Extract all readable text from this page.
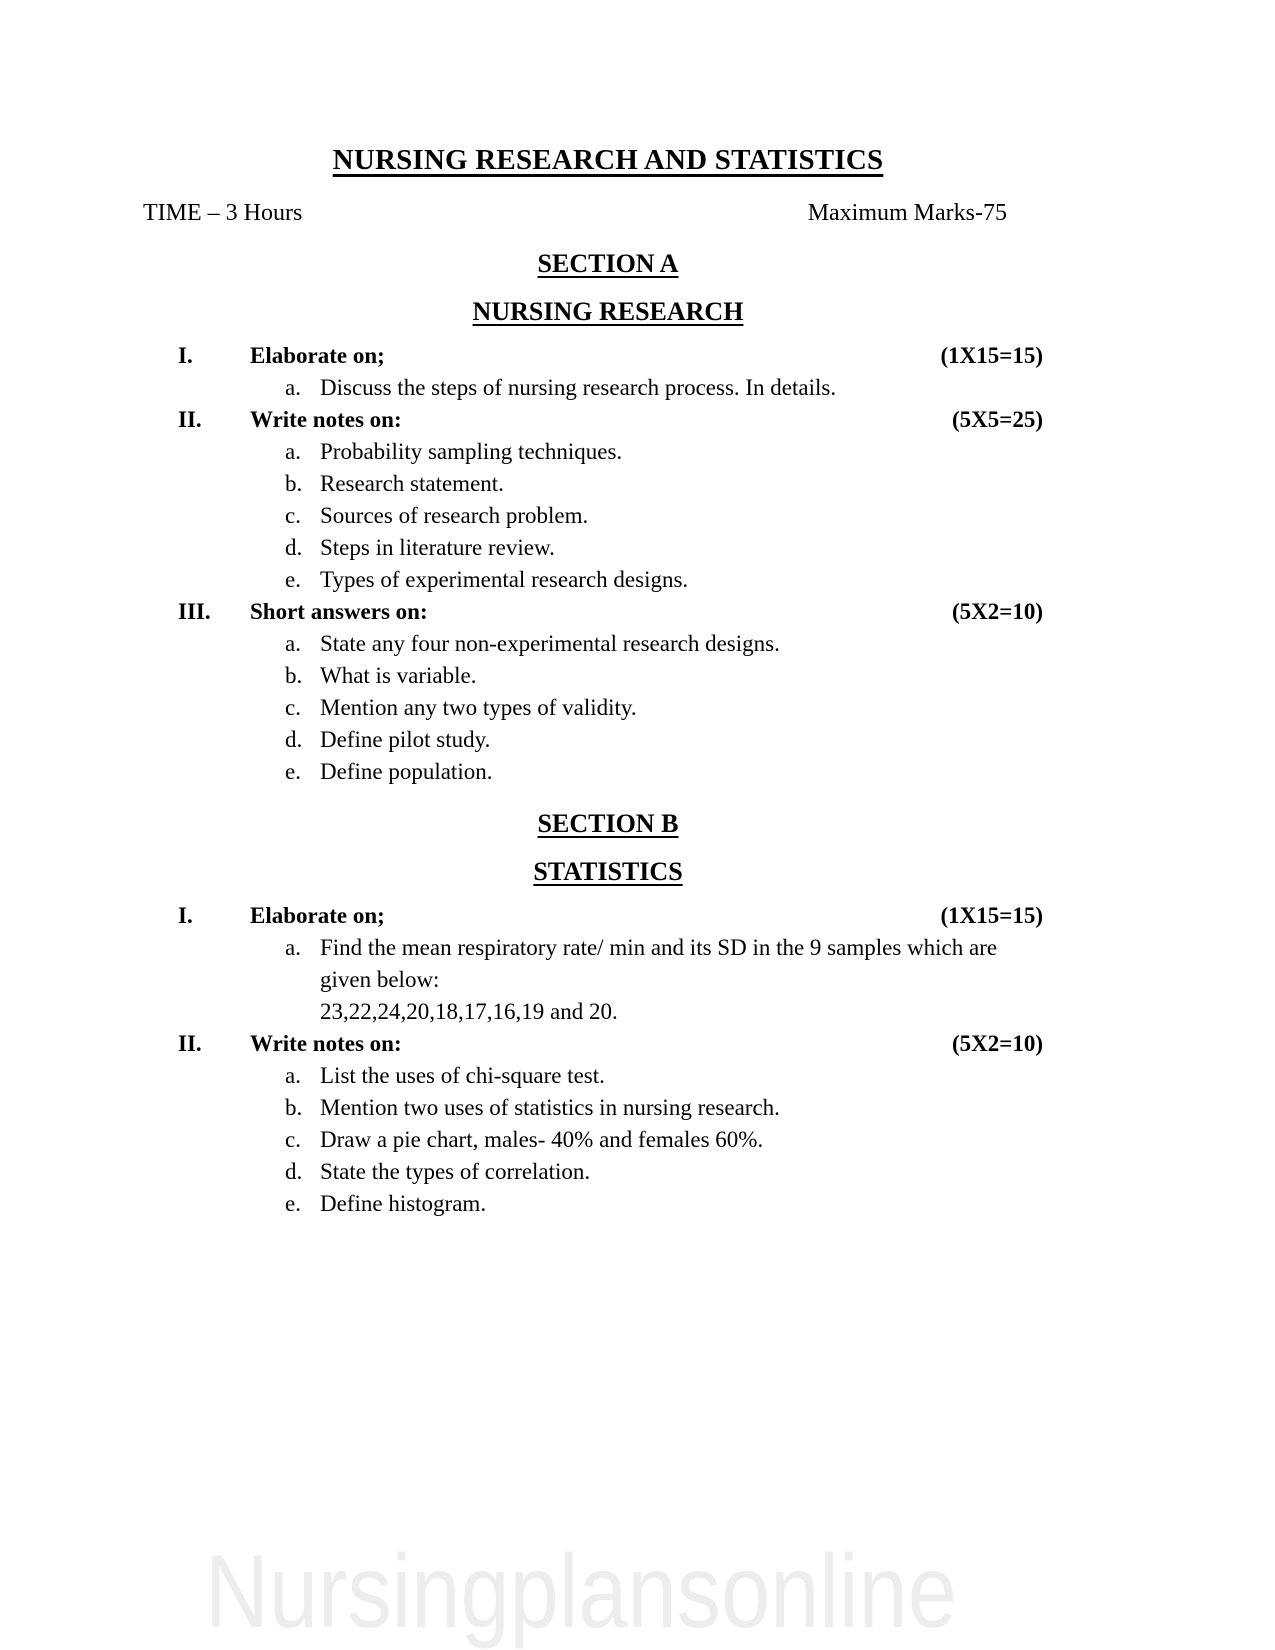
NURSING RESEARCH AND STATISTICS
TIME – 3 Hours	Maximum Marks-75
SECTION A
NURSING RESEARCH
I.	Elaborate on;	(1X15=15)
a. Discuss the steps of nursing research process. In details.
II.	Write notes on:	(5X5=25)
a. Probability sampling techniques.
b. Research statement.
c. Sources of research problem.
d. Steps in literature review.
e. Types of experimental research designs.
III.	Short answers on:	(5X2=10)
a. State any four non-experimental research designs.
b. What is variable.
c. Mention any two types of validity.
d. Define pilot study.
e. Define population.
SECTION B
STATISTICS
I.	Elaborate on;	(1X15=15)
a. Find the mean respiratory rate/ min and its SD in the 9 samples which are
given below:
23,22,24,20,18,17,16,19 and 20.
II.	Write notes on:	(5X2=10)
a. List the uses of chi-square test.
b. Mention two uses of statistics in nursing research.
c. Draw a pie chart, males- 40% and females 60%.
d. State the types of correlation.
e. Define histogram.
Nursingplansonline
